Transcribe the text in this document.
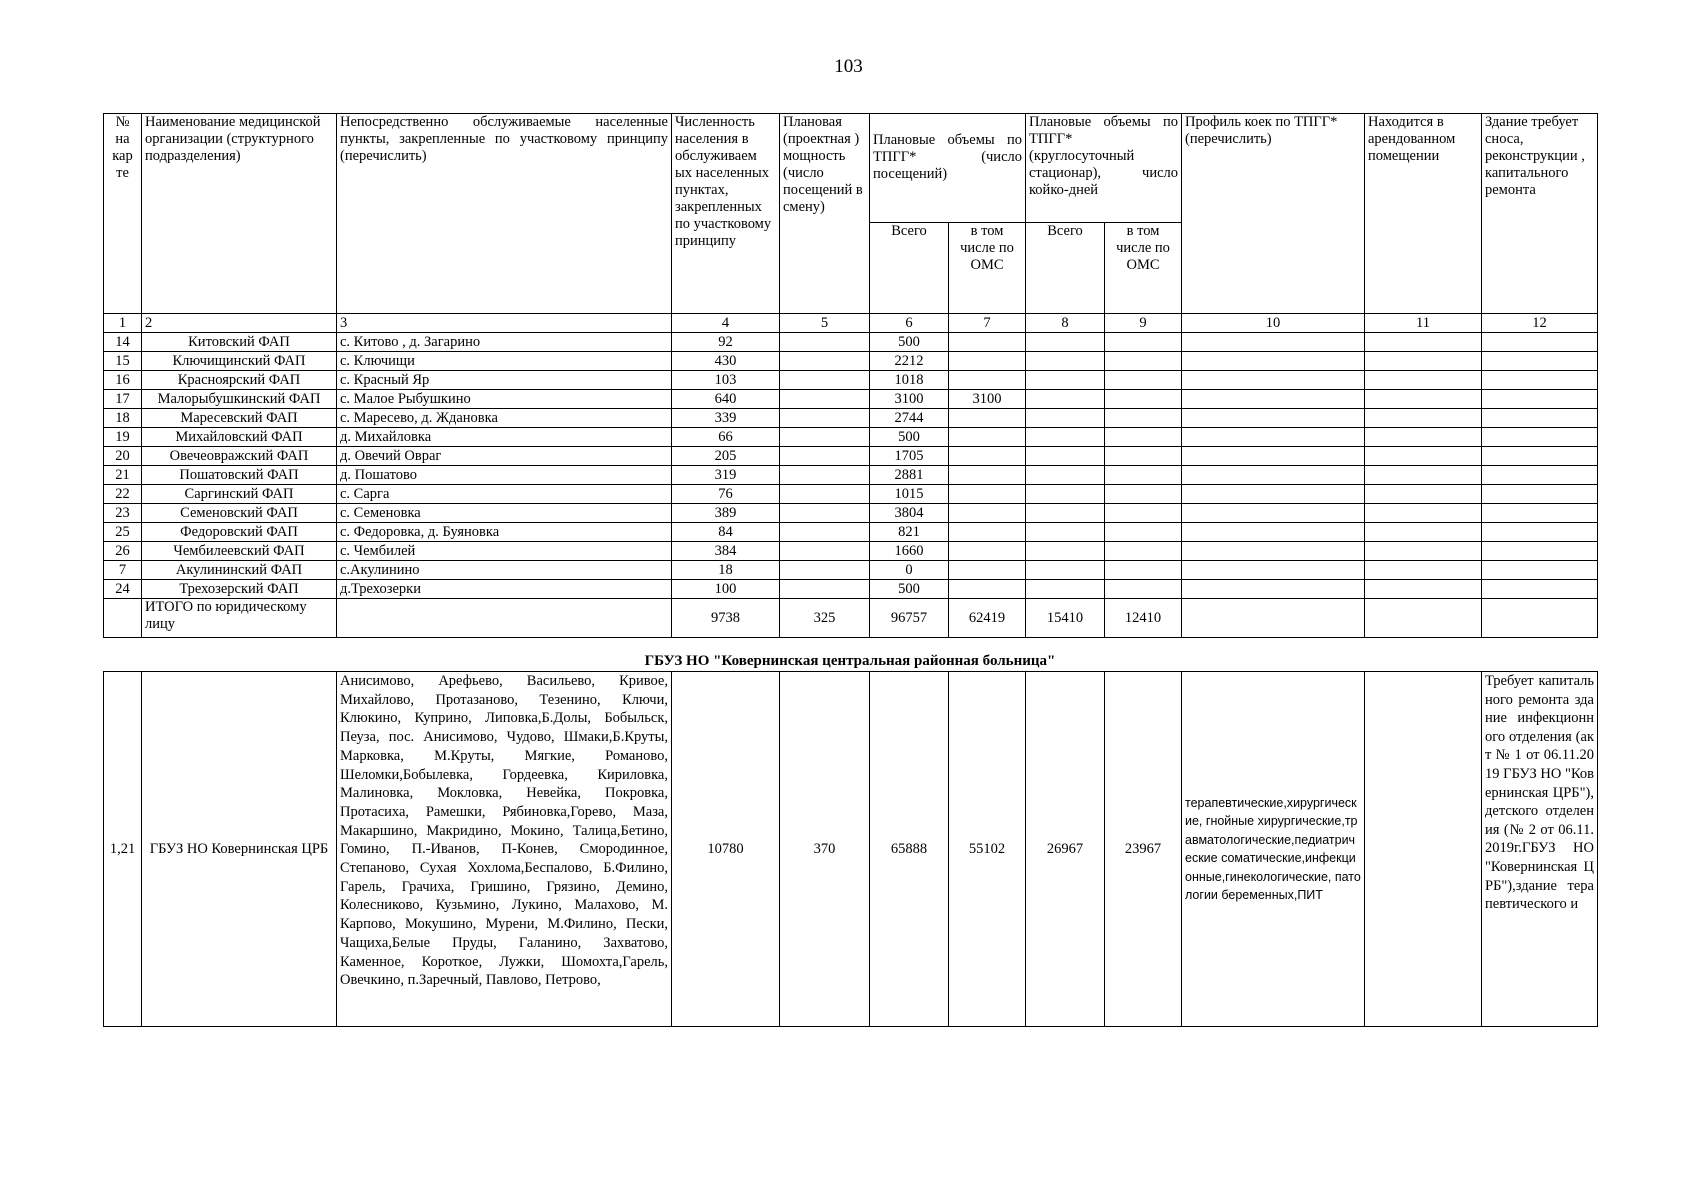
103
№ на кар те	Наименование медицинской организации (структурного подразделения)	Непосредственно обслуживаемые населенные пункты, закрепленные по участковому принципу (перечислить)	Численность населения в обслуживаем ых населенных пунктах, закрепленных по участковому принципу	Плановая (проектная ) мощность (число посещений в смену)	Плановые объемы по ТПГГ* (число посещений)		Плановые объемы по ТПГГ* (круглосуточный стационар), число койко-дней		Профиль коек по ТПГГ* (перечислить)	Находится в арендованном помещении	Здание требует сноса, реконструкции , капитального ремонта
					Всего	в том числе по ОМС	Всего	в том числе по ОМС			
1	2	3	4	5	6	7	8	9	10	11	12
14	Китовский ФАП	с. Китово , д. Загарино	92		500						
15	Ключищинский ФАП	с. Ключищи	430		2212						
16	Красноярский ФАП	с. Красный Яр	103		1018						
17	Малорыбушкинский ФАП	с. Малое Рыбушкино	640		3100	3100					
18	Маресевский ФАП	с. Маресево, д. Ждановка	339		2744						
19	Михайловский ФАП	д. Михайловка	66		500						
20	Овечеовражский ФАП	д. Овечий Овраг	205		1705						
21	Пошатовский ФАП	д. Пошатово	319		2881						
22	Саргинский ФАП	с. Сарга	76		1015						
23	Семеновский ФАП	с. Семеновка	389		3804						
25	Федоровский ФАП	с. Федоровка, д. Буяновка	84		821						
26	Чембилеевский ФАП	с. Чембилей	384		1660						
7	Акулининский ФАП	с.Акулинино	18		0						
24	Трехозерский ФАП	д.Трехозерки	100		500						
	ИТОГО по юридическому лицу		9738	325	96757	62419	15410	12410			
ГБУЗ НО "Ковернинская центральная районная больница"
1,21	ГБУЗ НО Ковернинская ЦРБ	Анисимово, Арефьево, Васильево, Кривое, Михайлово, Протазаново, Тезенино, Ключи, Клюкино, Куприно, Липовка,Б.Долы, Бобыльск, Пеуза, пос. Анисимово, Чудово, Шмаки,Б.Круты, Марковка, М.Круты, Мягкие, Романово, Шеломки,Бобылевка, Гордеевка, Кириловка, Малиновка, Мокловка, Невейка, Покровка, Протасиха, Рамешки, Рябиновка,Горево, Маза, Макаршино, Макридино, Мокино, Талица,Бетино, Гомино, П.-Иванов, П-Конев, Смородинное, Степаново, Сухая Хохлома,Беспалово, Б.Филино, Гарель, Грачиха, Гришино, Грязино, Демино, Колесниково, Кузьмино, Лукино, Малахово, М. Карпово, Мокушино, Мурени, М.Филино, Пески, Чащиха,Белые Пруды, Галанино, Захватово, Каменное, Короткое, Лужки, Шомохта,Гарель, Овечкино, п.Заречный, Павлово, Петрово,	10780	370	65888	55102	26967	23967	терапевтические,хирургические, гнойные хирургические,травматологические,педиатрические соматические,инфекционные,гинекологические, патологии беременных,ПИТ		Требует капитального ремонта здание инфекционного отделения (акт № 1 от 06.11.2019 ГБУЗ НО "Ковернинская ЦРБ"),детского отделения (№ 2 от 06.11.2019г.ГБУЗ НО "Ковернинская ЦРБ"),здание терапевтического и
